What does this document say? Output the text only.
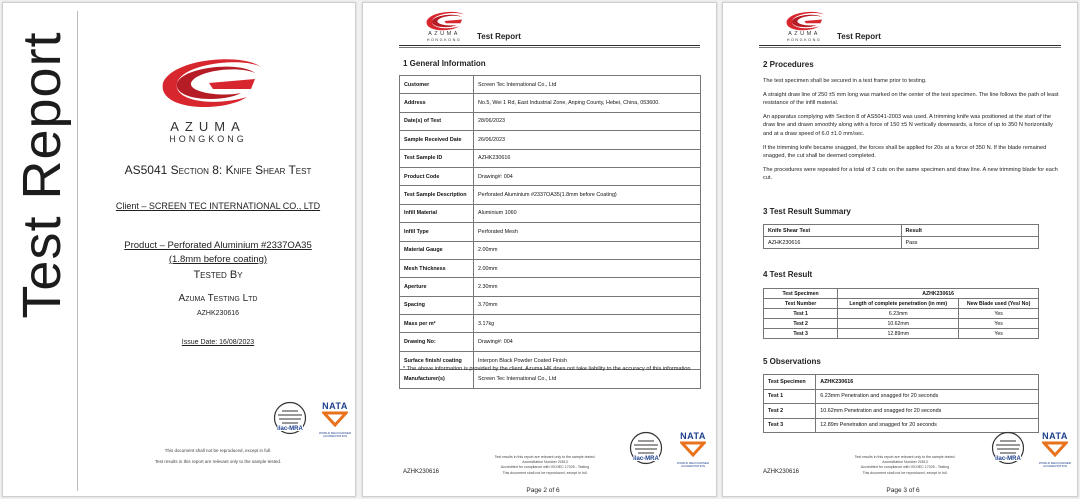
Test Report	AZUMA
HONGKONG
AS5041 Section 8: Knife Shear Test
Client – SCREEN TEC INTERNATIONAL CO., LTD
Product – Perforated Aluminium #2337OA35
(1.8mm before coating)
Tested By
Azuma Testing Ltd
AZHK230616
Issue Date: 16/08/2023
ilac-MRA
NATA
WORLD RECOGNISED
ACCREDITATION
This document shall not be reproduced, except in full.
Test results in this report are relevant only to the sample tested.
AZUMA
HONGKONG	Test Report
1 General Information
Customer	Screen Tec International Co., Ltd
Address	No.5, Wei 1 Rd, East Industrial Zone, Anping County, Hebei, China, 053600.
Date(s) of Test	28/06/2023
Sample Received Date	26/06/2023
Test Sample ID	AZHK230616
Product Code	Drawing#: 004
Test Sample Description	Perforated Aluminium #2337OA35(1.8mm before Coating)
Infill Material	Aluminium 1060
Infill Type	Perforated Mesh
Material Gauge	2.00mm
Mesh Thickness	2.00mm
Aperture	2.30mm
Spacing	3.70mm
Mass per m²	3.17kg
Drawing No:	Drawing#: 004
Surface finish/ coating	Interpon Black Powder Coated Finish
Manufacturer(s)	Screen Tec International Co., Ltd
* The above information is provided by the client. Azuma HK does not take liability to the accuracy of this information
ilac-MRA
NATA
WORLD RECOGNISED
ACCREDITATION
AZHK230616
Test results in this report are relevant only to the sample tested.
Accreditation Number 20513
Accredited for compliance with ISO/IEC 17025 - Testing
This document shall not be reproduced, except in full.
Page 2 of 6
AZUMA
HONGKONG	Test Report
2 Procedures

The test specimen shall be secured in a test frame prior to testing.

A straight draw line of 250 ±5 mm long was marked on the center of the test specimen. The line follows the path of least resistance of the infill material.

An apparatus complying with Section 8 of AS5041-2003 was used. A trimming knife was positioned at the start of the draw line and drawn smoothly along with a force of 150 ±5 N vertically downwards, a force of up to 350 N horizontally and at a draw speed of 6.0 ±1.0 mm/sec.

If the trimming knife became snagged, the forces shall be applied for 20s at a force of 350 N. If the blade remained snagged, the cut shall be deemed completed.

The procedures were repeated for a total of 3 cuts on the same specimen and draw line. A new trimming blade for each cut.

3 Test Result Summary
Knife Shear Test	Result
AZHK230616	Pass
4 Test Result
Test Specimen	AZHK230616	
Test Number	Length of complete penetration (in mm)	New Blade used (Yes/ No)
Test 1	6.23mm	Yes
Test 2	10.62mm	Yes
Test 3	12.89mm	Yes
5 Observations
Test Specimen	AZHK230616
Test 1	6.23mm Penetration and snagged for 20 seconds
Test 2	10.62mm Penetration and snagged for 20 seconds
Test 3	12.89m Penetration and snagged for 20 seconds
ilac-MRA
NATA
WORLD RECOGNISED
ACCREDITATION
AZHK230616
Test results in this report are relevant only to the sample tested.
Accreditation Number 20513
Accredited for compliance with ISO/IEC 17025 - Testing
This document shall not be reproduced, except in full.
Page 3 of 6
